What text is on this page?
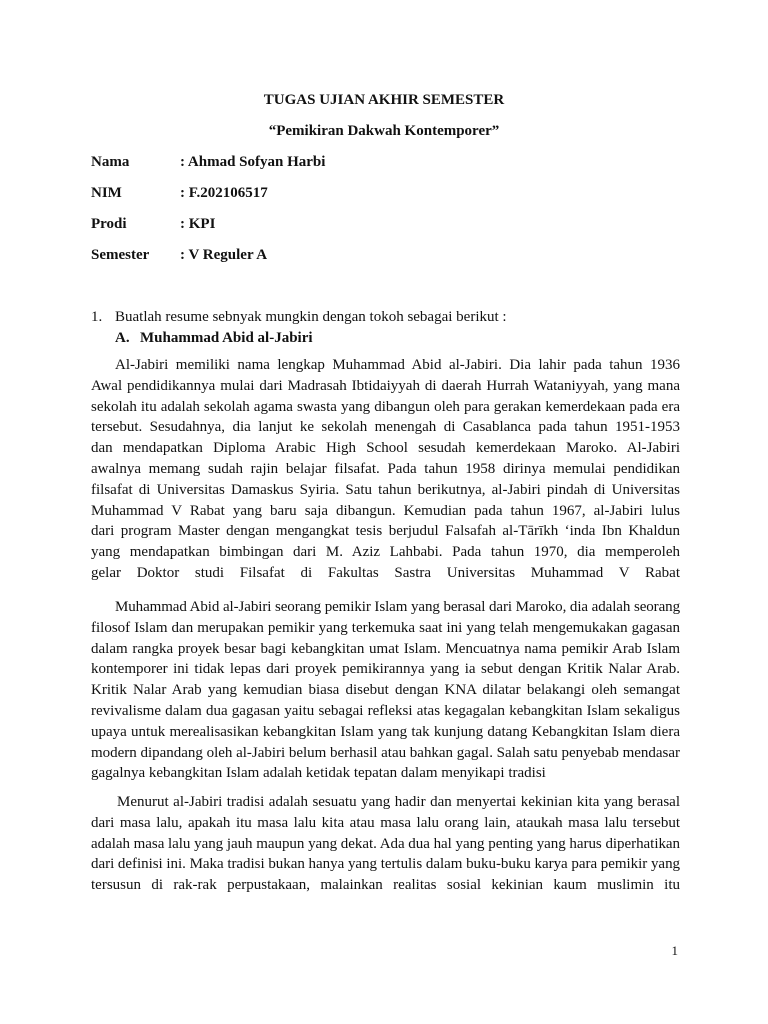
TUGAS UJIAN AKHIR SEMESTER
“Pemikiran Dakwah Kontemporer”
Nama	: Ahmad Sofyan Harbi
NIM	: F.202106517
Prodi	: KPI
Semester : V Reguler A
1. Buatlah resume sebnyak mungkin dengan tokoh sebagai berikut :
A. Muhammad Abid al-Jabiri
Al-Jabiri memiliki nama lengkap Muhammad Abid al-Jabiri. Dia lahir pada tahun 1936
Awal pendidikannya mulai dari Madrasah Ibtidaiyyah di daerah Hurrah Wataniyyah, yang mana
sekolah itu adalah sekolah agama swasta yang dibangun oleh para gerakan kemerdekaan pada era
tersebut. Sesudahnya, dia lanjut ke sekolah menengah di Casablanca pada tahun 1951-1953
dan mendapatkan Diploma Arabic High School sesudah kemerdekaan Maroko. Al-Jabiri
awalnya memang sudah rajin belajar filsafat. Pada tahun 1958 dirinya memulai pendidikan
filsafat di Universitas Damaskus Syiria. Satu tahun berikutnya, al-Jabiri pindah di Universitas
Muhammad V Rabat yang baru saja dibangun. Kemudian pada tahun 1967, al-Jabiri lulus
dari program Master dengan mengangkat tesis berjudul Falsafah al-Tārīkh ‘inda Ibn Khaldun
yang mendapatkan bimbingan dari M. Aziz Lahbabi. Pada tahun 1970, dia memperoleh
gelar Doktor studi Filsafat di Fakultas Sastra Universitas Muhammad V Rabat
Muhammad Abid al-Jabiri seorang pemikir Islam yang berasal dari Maroko, dia adalah seorang
filosof Islam dan merupakan pemikir yang terkemuka saat ini yang telah mengemukakan gagasan
dalam rangka proyek besar bagi kebangkitan umat Islam. Mencuatnya nama pemikir Arab Islam
kontemporer ini tidak lepas dari proyek pemikirannya yang ia sebut dengan Kritik Nalar Arab.
Kritik Nalar Arab yang kemudian biasa disebut dengan KNA dilatar belakangi oleh semangat
revivalisme dalam dua gagasan yaitu sebagai refleksi atas kegagalan kebangkitan Islam sekaligus
upaya untuk merealisasikan kebangkitan Islam yang tak kunjung datang Kebangkitan Islam diera
modern dipandang oleh al-Jabiri belum berhasil atau bahkan gagal. Salah satu penyebab mendasar
gagalnya kebangkitan Islam adalah ketidak tepatan dalam menyikapi tradisi
Menurut al-Jabiri tradisi adalah sesuatu yang hadir dan menyertai kekinian kita yang berasal
dari masa lalu, apakah itu masa lalu kita atau masa lalu orang lain, ataukah masa lalu tersebut
adalah masa lalu yang jauh maupun yang dekat. Ada dua hal yang penting yang harus diperhatikan
dari definisi ini. Maka tradisi bukan hanya yang tertulis dalam buku-buku karya para pemikir yang
tersusun di rak-rak perpustakaan, malainkan realitas sosial kekinian kaum muslimin itu
1
